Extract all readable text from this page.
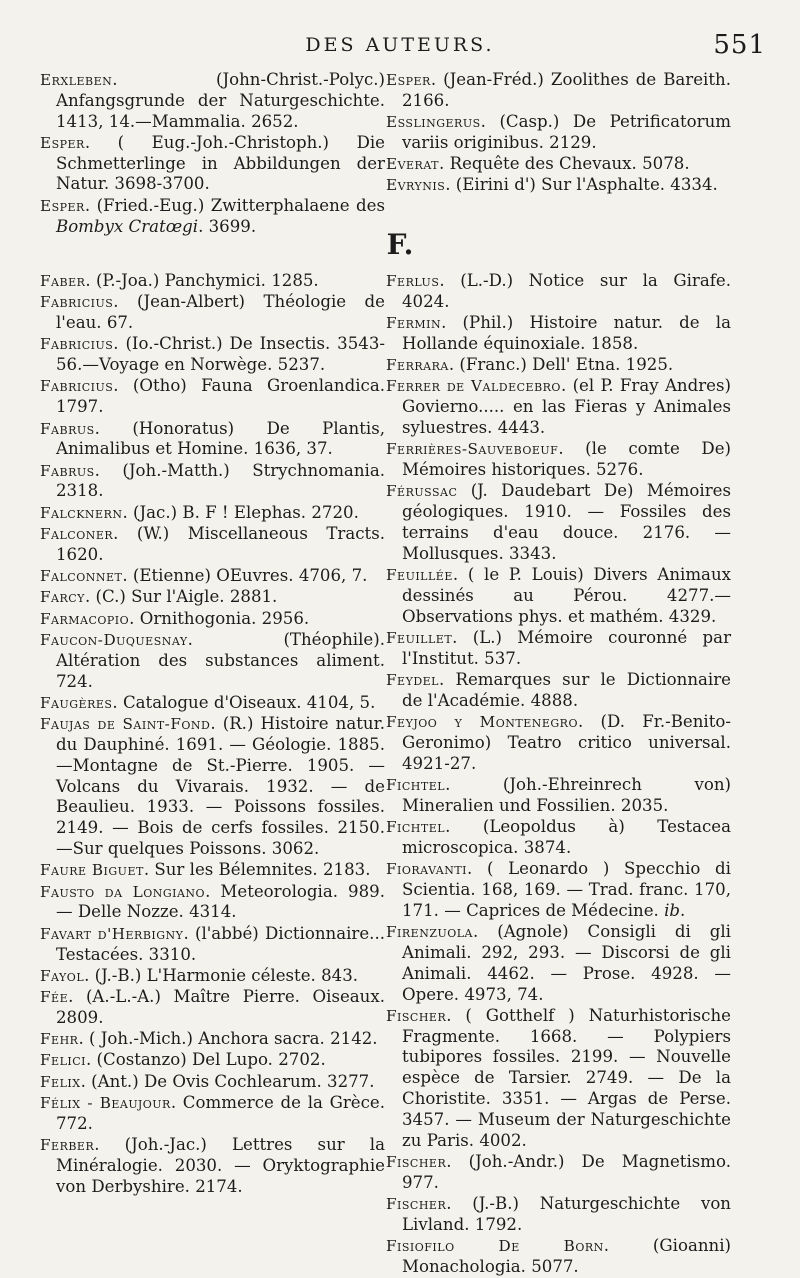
DES AUTEURS.	551

Erxleben. (John-Christ.-Polyc.) Anfangsgrunde der Naturgeschichte. 1413, 14.—Mammalia. 2652.

Esper. ( Eug.-Joh.-Christoph.) Die Schmetterlinge in Abbildungen der Natur. 3698-3700.

Esper. (Fried.-Eug.) Zwitterphalaene des Bombyx Cratœgi. 3699.

Esper. (Jean-Fréd.) Zoolithes de Bareith. 2166.

Esslingerus. (Casp.) De Petrificatorum variis originibus. 2129.

Everat. Requête des Chevaux. 5078.

Evrynis. (Eirini d') Sur l'Asphalte. 4334.

F.

Faber. (P.-Joa.) Panchymici. 1285.

Fabricius. (Jean-Albert) Théologie de l'eau. 67.

Fabricius. (Io.-Christ.) De Insectis. 3543-56.—Voyage en Norwège. 5237.

Fabricius. (Otho) Fauna Groenlandica. 1797.

Fabrus. (Honoratus) De Plantis, Animalibus et Homine. 1636, 37.

Fabrus. (Joh.-Matth.) Strychnomania. 2318.

Falcknern. (Jac.) B. F ! Elephas. 2720.

Falconer. (W.) Miscellaneous Tracts. 1620.

Falconnet. (Etienne) OEuvres. 4706, 7.

Farcy. (C.) Sur l'Aigle. 2881.

Farmacopio. Ornithogonia. 2956.

Faucon-Duquesnay. (Théophile). Altération des substances aliment. 724.

Faugères. Catalogue d'Oiseaux. 4104, 5.

Faujas de Saint-Fond. (R.) Histoire natur. du Dauphiné. 1691. — Géologie. 1885.—Montagne de St.-Pierre. 1905. — Volcans du Vivarais. 1932. — de Beaulieu. 1933. — Poissons fossiles. 2149. — Bois de cerfs fossiles. 2150. —Sur quelques Poissons. 3062.

Faure Biguet. Sur les Bélemnites. 2183.

Fausto da Longiano. Meteorologia. 989. — Delle Nozze. 4314.

Favart d'Herbigny. (l'abbé) Dictionnaire... Testacées. 3310.

Fayol. (J.-B.) L'Harmonie céleste. 843.

Fée. (A.-L.-A.) Maître Pierre. Oiseaux. 2809.

Fehr. ( Joh.-Mich.) Anchora sacra. 2142.

Felici. (Costanzo) Del Lupo. 2702.

Felix. (Ant.) De Ovis Cochlearum. 3277.

Félix - Beaujour. Commerce de la Grèce. 772.

Ferber. (Joh.-Jac.) Lettres sur la Minéralogie. 2030. — Oryktographie von Derbyshire. 2174.

Ferlus. (L.-D.) Notice sur la Girafe. 4024.

Fermin. (Phil.) Histoire natur. de la Hollande équinoxiale. 1858.

Ferrara. (Franc.) Dell' Etna. 1925.

Ferrer de Valdecebro. (el P. Fray Andres) Govierno..... en las Fieras y Animales syluestres. 4443.

Ferrières-Sauveboeuf. (le comte De) Mémoires historiques. 5276.

Férussac (J. Daudebart De) Mémoires géologiques. 1910. — Fossiles des terrains d'eau douce. 2176. — Mollusques. 3343.

Feuillée. ( le P. Louis) Divers Animaux dessinés au Pérou. 4277.—Observations phys. et mathém. 4329.

Feuillet. (L.) Mémoire couronné par l'Institut. 537.

Feydel. Remarques sur le Dictionnaire de l'Académie. 4888.

Feyjoo y Montenegro. (D. Fr.-Benito-Geronimo) Teatro critico universal. 4921-27.

Fichtel. (Joh.-Ehreinrech von) Mineralien und Fossilien. 2035.

Fichtel. (Leopoldus à) Testacea microscopica. 3874.

Fioravanti. ( Leonardo ) Specchio di Scientia. 168, 169. — Trad. franc. 170, 171. — Caprices de Médecine. ib.

Firenzuola. (Agnole) Consigli di gli Animali. 292, 293. — Discorsi de gli Animali. 4462. — Prose. 4928. — Opere. 4973, 74.

Fischer. ( Gotthelf ) Naturhistorische Fragmente. 1668. — Polypiers tubipores fossiles. 2199. — Nouvelle espèce de Tarsier. 2749. — De la Choristite. 3351. — Argas de Perse. 3457. — Museum der Naturgeschichte zu Paris. 4002.

Fischer. (Joh.-Andr.) De Magnetismo. 977.

Fischer. (J.-B.) Naturgeschichte von Livland. 1792.

Fisiofilo De Born. (Gioanni) Monachologia. 5077.
